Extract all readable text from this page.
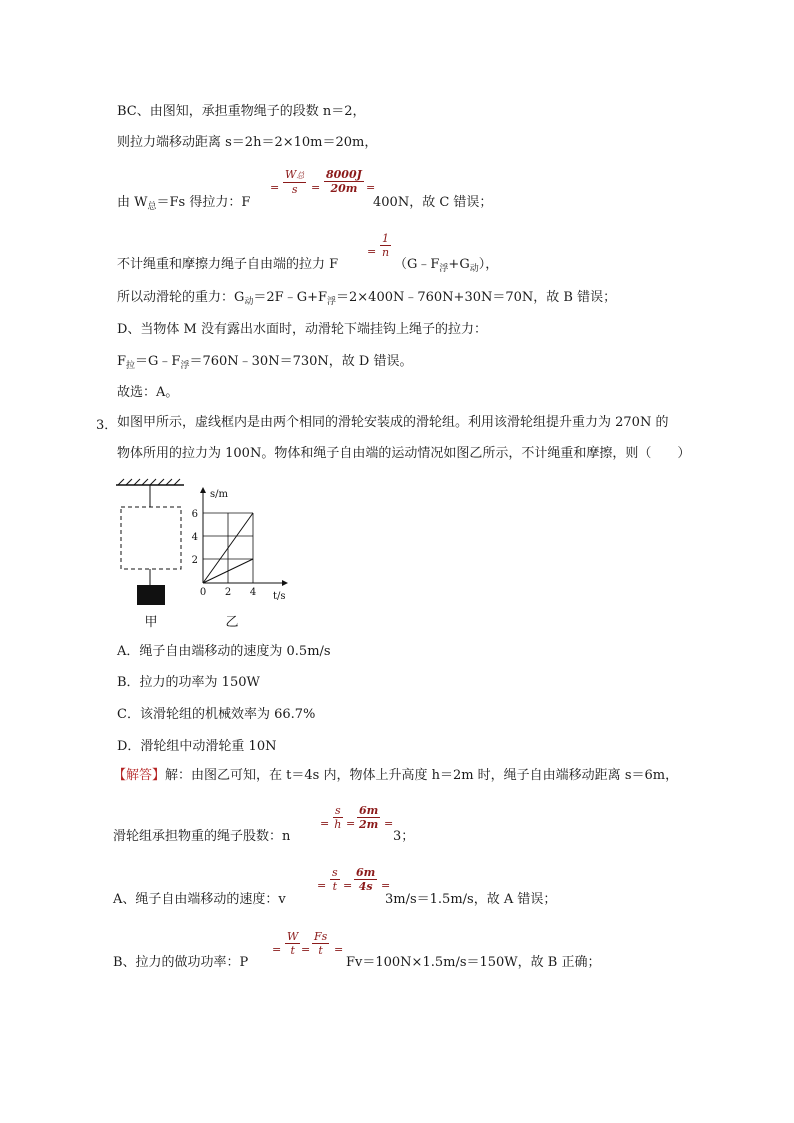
BC、由图知，承担重物绳子的段数 n＝2，
则拉力端移动距离 s＝2h＝2×10m＝20m，
由 $W_总=Fs$ 得拉力：F
=
W总
$s = \frac{8000J}{20m}$ =
400N，故 C 错误；
不计绳重和摩擦力绳子自由端的拉力 F
= $\frac{1}{n}$
$(G﹣F_浮+G_动)$，
所以动滑轮的重力：$G_动=2F﹣G+F_浮=2\times 400N﹣760N+30N=70N$，故 B 错误；
D、当物体 M 没有露出水面时，动滑轮下端挂钩上绳子的拉力：
$F_拉=G﹣F_浮=760N﹣30N=730N$，故 D 错误。
故选：A。
3． 如图甲所示，虚线框内是由两个相同的滑轮安装成的滑轮组。利用该滑轮组提升重力为 270N 的
物体所用的拉力为 100N。物体和绳子自由端的运动情况如图乙所示，不计绳重和摩擦，则（　　）
甲
s/m
t/s
6
4
2
0 2 4
乙
A．绳子自由端移动的速度为 0.5m/s
B．拉力的功率为 150W
C．该滑轮组的机械效率为 66.7%
D．滑轮组中动滑轮重 10N
【解答】解：由图乙可知，在 t＝4s 内，物体上升高度 h＝2m 时，绳子自由端移动距离 s＝6m，
滑轮组承担物重的绳子股数：n
= $\frac{s}{h} = \frac{6m}{2m}$ =
3；
A、绳子自由端移动的速度：v
= $\frac{s}{t} = \frac{6m}{4s}$ =
3m/s＝1.5m/s，故 A 错误；
B、拉力的做功功率：P
= $\frac{W}{t} = \frac{Fs}{t}$ =
Fv＝100N×1.5m/s＝150W，故 B 正确；
